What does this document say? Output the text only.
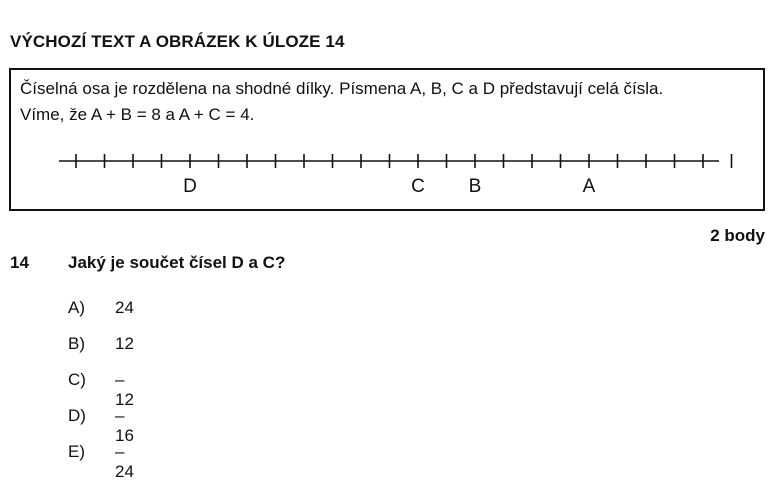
VÝCHOZÍ TEXT A OBRÁZEK K ÚLOZE 14
Číselná osa je rozdělena na shodné dílky. Písmena A, B, C a D představují celá čísla.
Víme, že A + B = 8 a A + C = 4.
D	C B	A
2 body
14 Jaký je součet čísel D a C?
A) 24
B) 12
C) –12
D) –16
E) –24
